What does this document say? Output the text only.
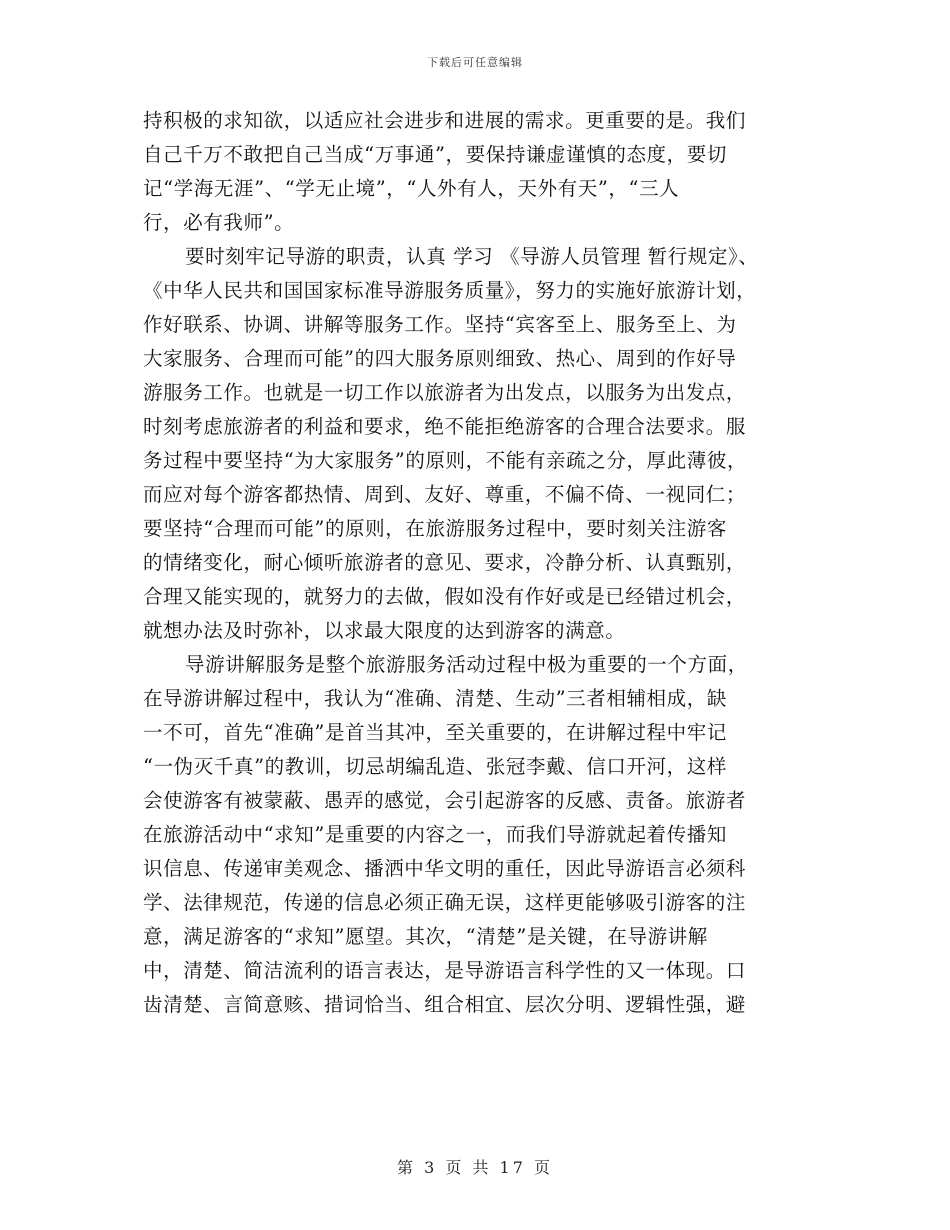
下载后可任意编辑
持积极的求知欲，以适应社会进步和进展的需求。更重要的是。我们
自己千万不敢把自己当成“万事通”，要保持谦虚谨慎的态度，要切
记“学海无涯”、“学无止境”，“人外有人，天外有天”，“三人
行，必有我师”。
要时刻牢记导游的职责，认真 学习 《导游人员管理 暂行规定》、
《中华人民共和国国家标准导游服务质量》，努力的实施好旅游计划，
作好联系、协调、讲解等服务工作。坚持“宾客至上、服务至上、为
大家服务、合理而可能”的四大服务原则细致、热心、周到的作好导
游服务工作。也就是一切工作以旅游者为出发点，以服务为出发点，
时刻考虑旅游者的利益和要求，绝不能拒绝游客的合理合法要求。服
务过程中要坚持“为大家服务”的原则，不能有亲疏之分，厚此薄彼，
而应对每个游客都热情、周到、友好、尊重，不偏不倚、一视同仁；
要坚持“合理而可能”的原则，在旅游服务过程中，要时刻关注游客
的情绪变化，耐心倾听旅游者的意见、要求，冷静分析、认真甄别，
合理又能实现的，就努力的去做，假如没有作好或是已经错过机会，
就想办法及时弥补，以求最大限度的达到游客的满意。
导游讲解服务是整个旅游服务活动过程中极为重要的一个方面，
在导游讲解过程中，我认为“准确、清楚、生动”三者相辅相成，缺
一不可，首先“准确”是首当其冲，至关重要的，在讲解过程中牢记
“一伪灭千真”的教训，切忌胡编乱造、张冠李戴、信口开河，这样
会使游客有被蒙蔽、愚弄的感觉，会引起游客的反感、责备。旅游者
在旅游活动中“求知”是重要的内容之一，而我们导游就起着传播知
识信息、传递审美观念、播洒中华文明的重任，因此导游语言必须科
学、法律规范，传递的信息必须正确无误，这样更能够吸引游客的注
意，满足游客的“求知”愿望。其次，“清楚”是关键，在导游讲解
中，清楚、简洁流利的语言表达，是导游语言科学性的又一体现。口
齿清楚、言简意赅、措词恰当、组合相宜、层次分明、逻辑性强，避
第 3 页 共 17 页
